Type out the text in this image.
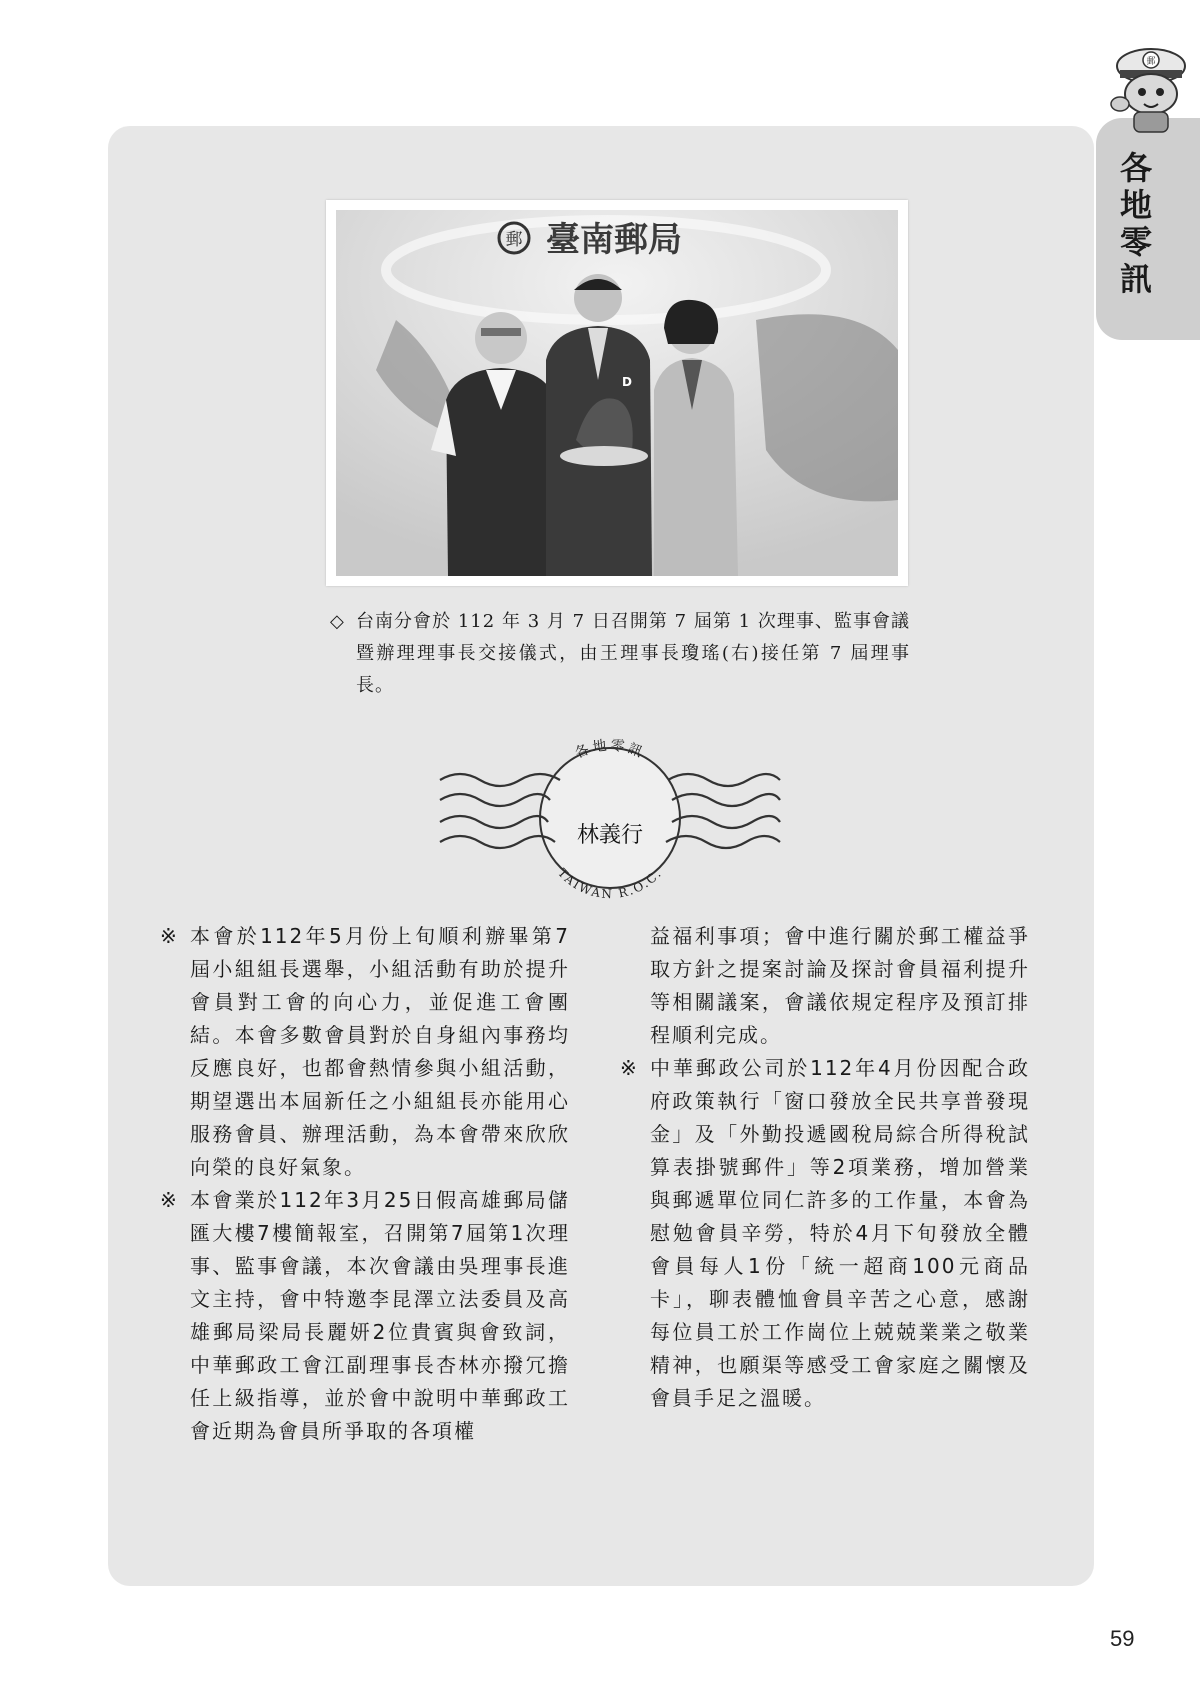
各地零訊
郵
郵 臺南郵局
D
◇ 台南分會於 112 年 3 月 7 日召開第 7 屆第 1 次理事、監事會議暨辦理理事長交接儀式，由王理事長瓊瑤(右)接任第 7 屆理事長。
各地零訊
林義行
TAIWAN R.O.C.

※ 本會於112年5月份上旬順利辦畢第7屆小組組長選舉，小組活動有助於提升會員對工會的向心力，並促進工會團結。本會多數會員對於自身組內事務均反應良好，也都會熱情參與小組活動，期望選出本屆新任之小組組長亦能用心服務會員、辦理活動，為本會帶來欣欣向榮的良好氣象。

※ 本會業於112年3月25日假高雄郵局儲匯大樓7樓簡報室，召開第7屆第1次理事、監事會議，本次會議由吳理事長進文主持，會中特邀李昆澤立法委員及高雄郵局梁局長麗妍2位貴賓與會致詞，中華郵政工會江副理事長杏林亦撥冗擔任上級指導，並於會中說明中華郵政工會近期為會員所爭取的各項權

益福利事項；會中進行關於郵工權益爭取方針之提案討論及探討會員福利提升等相關議案，會議依規定程序及預訂排程順利完成。

※ 中華郵政公司於112年4月份因配合政府政策執行「窗口發放全民共享普發現金」及「外勤投遞國稅局綜合所得稅試算表掛號郵件」等2項業務，增加營業與郵遞單位同仁許多的工作量，本會為慰勉會員辛勞，特於4月下旬發放全體會員每人1份「統一超商100元商品卡」，聊表體恤會員辛苦之心意，感謝每位員工於工作崗位上兢兢業業之敬業精神，也願渠等感受工會家庭之關懷及會員手足之溫暖。

59
